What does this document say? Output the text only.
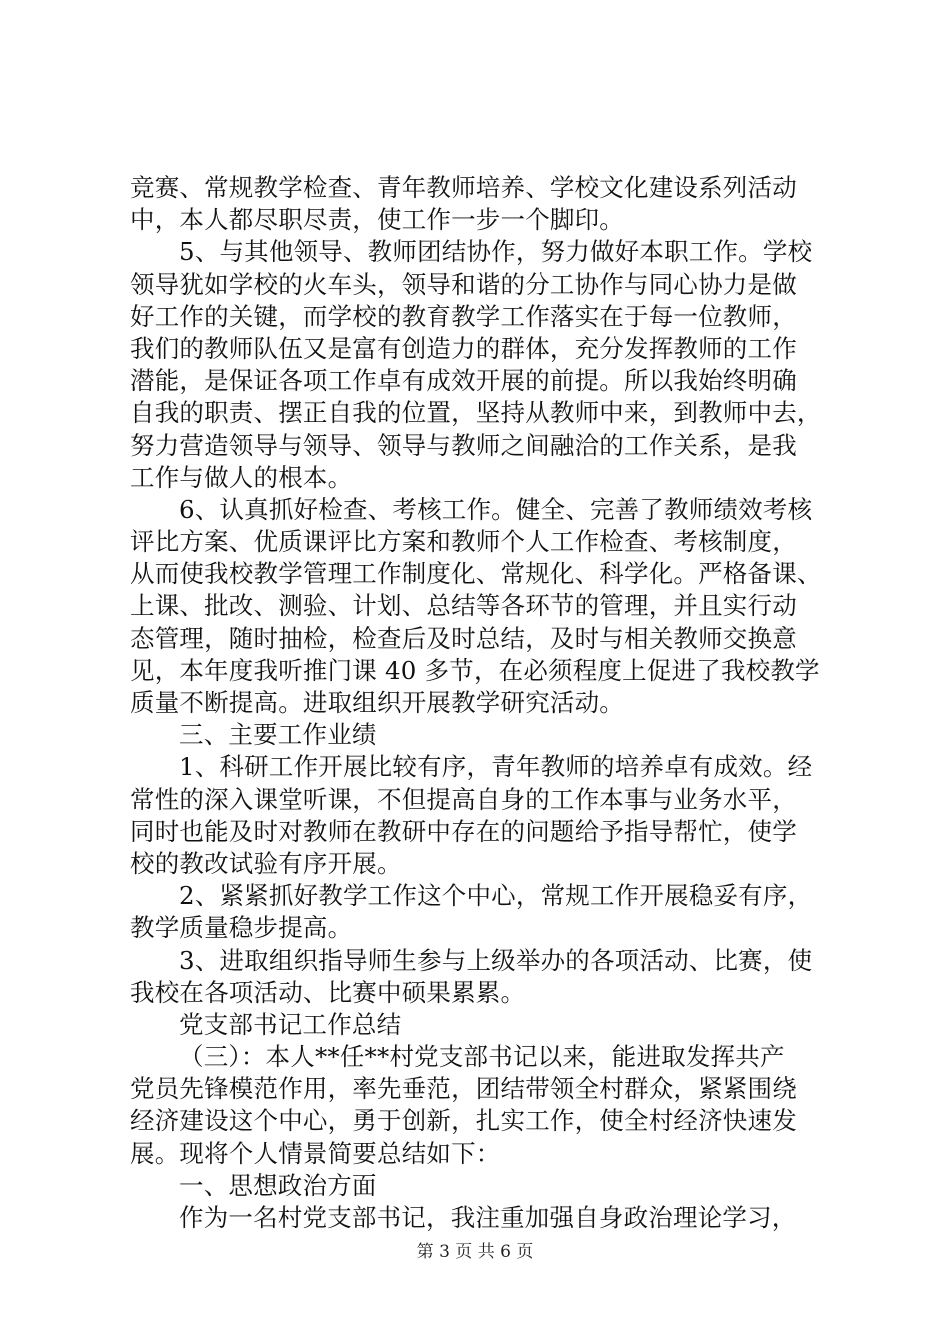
竞赛、常规教学检查、青年教师培养、学校文化建设系列活动
中，本人都尽职尽责，使工作一步一个脚印。
5、与其他领导、教师团结协作，努力做好本职工作。学校
领导犹如学校的火车头，领导和谐的分工协作与同心协力是做
好工作的关键，而学校的教育教学工作落实在于每一位教师，
我们的教师队伍又是富有创造力的群体，充分发挥教师的工作
潜能，是保证各项工作卓有成效开展的前提。所以我始终明确
自我的职责、摆正自我的位置，坚持从教师中来，到教师中去，
努力营造领导与领导、领导与教师之间融洽的工作关系，是我
工作与做人的根本。
6、认真抓好检查、考核工作。健全、完善了教师绩效考核
评比方案、优质课评比方案和教师个人工作检查、考核制度，
从而使我校教学管理工作制度化、常规化、科学化。严格备课、
上课、批改、测验、计划、总结等各环节的管理，并且实行动
态管理，随时抽检，检查后及时总结，及时与相关教师交换意
见，本年度我听推门课 40 多节，在必须程度上促进了我校教学
质量不断提高。进取组织开展教学研究活动。
三、主要工作业绩
1、科研工作开展比较有序，青年教师的培养卓有成效。经
常性的深入课堂听课，不但提高自身的工作本事与业务水平，
同时也能及时对教师在教研中存在的问题给予指导帮忙，使学
校的教改试验有序开展。
2、紧紧抓好教学工作这个中心，常规工作开展稳妥有序，
教学质量稳步提高。
3、进取组织指导师生参与上级举办的各项活动、比赛，使
我校在各项活动、比赛中硕果累累。
党支部书记工作总结
（三）：本人**任**村党支部书记以来，能进取发挥共产
党员先锋模范作用，率先垂范，团结带领全村群众，紧紧围绕
经济建设这个中心，勇于创新，扎实工作，使全村经济快速发
展。现将个人情景简要总结如下：
一、思想政治方面
作为一名村党支部书记，我注重加强自身政治理论学习，
第 3 页 共 6 页
